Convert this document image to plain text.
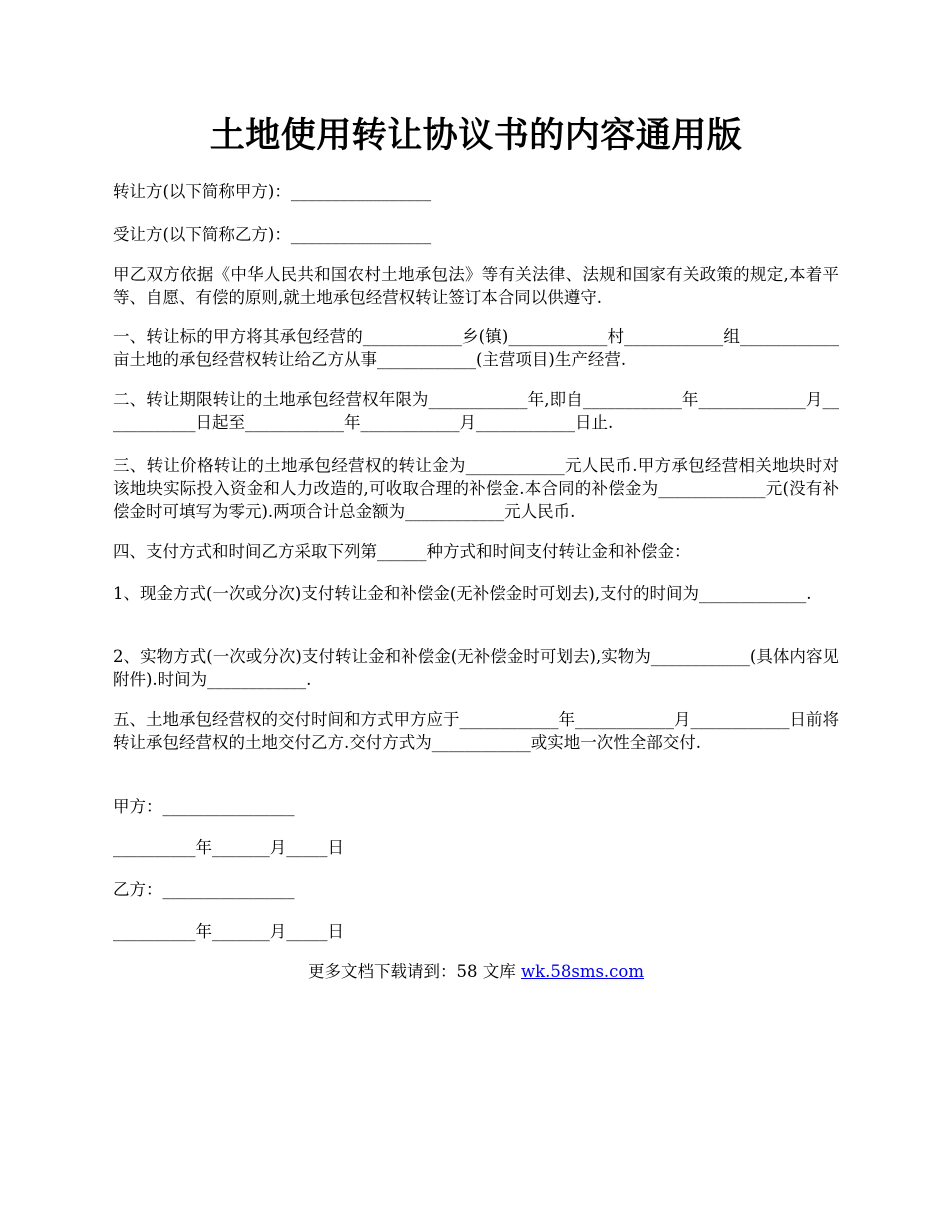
土地使用转让协议书的内容通用版
转让方(以下简称甲方)：_________________
受让方(以下简称乙方)：_________________
甲乙双方依据《中华人民共和国农村土地承包法》等有关法律、法规和国家有关政策的规定,本着平等、自愿、有偿的原则,就土地承包经营权转让签订本合同以供遵守.
一、转让标的甲方将其承包经营的____________乡(镇)____________村____________组____________亩土地的承包经营权转让给乙方从事____________(主营项目)生产经营.
二、转让期限转让的土地承包经营权年限为____________年,即自____________年_____________月____________日起至____________年____________月____________日止.
三、转让价格转让的土地承包经营权的转让金为____________元人民币.甲方承包经营相关地块时对该地块实际投入资金和人力改造的,可收取合理的补偿金.本合同的补偿金为_____________元(没有补偿金时可填写为零元).两项合计总金额为____________元人民币.
四、支付方式和时间乙方采取下列第______种方式和时间支付转让金和补偿金：
1、现金方式(一次或分次)支付转让金和补偿金(无补偿金时可划去),支付的时间为_____________.
2、实物方式(一次或分次)支付转让金和补偿金(无补偿金时可划去),实物为____________(具体内容见附件).时间为____________.
五、土地承包经营权的交付时间和方式甲方应于____________年____________月____________日前将转让承包经营权的土地交付乙方.交付方式为____________或实地一次性全部交付.
甲方：________________
__________年_______月_____日
乙方：________________
__________年_______月_____日
更多文档下载请到：58 文库 wk.58sms.com
